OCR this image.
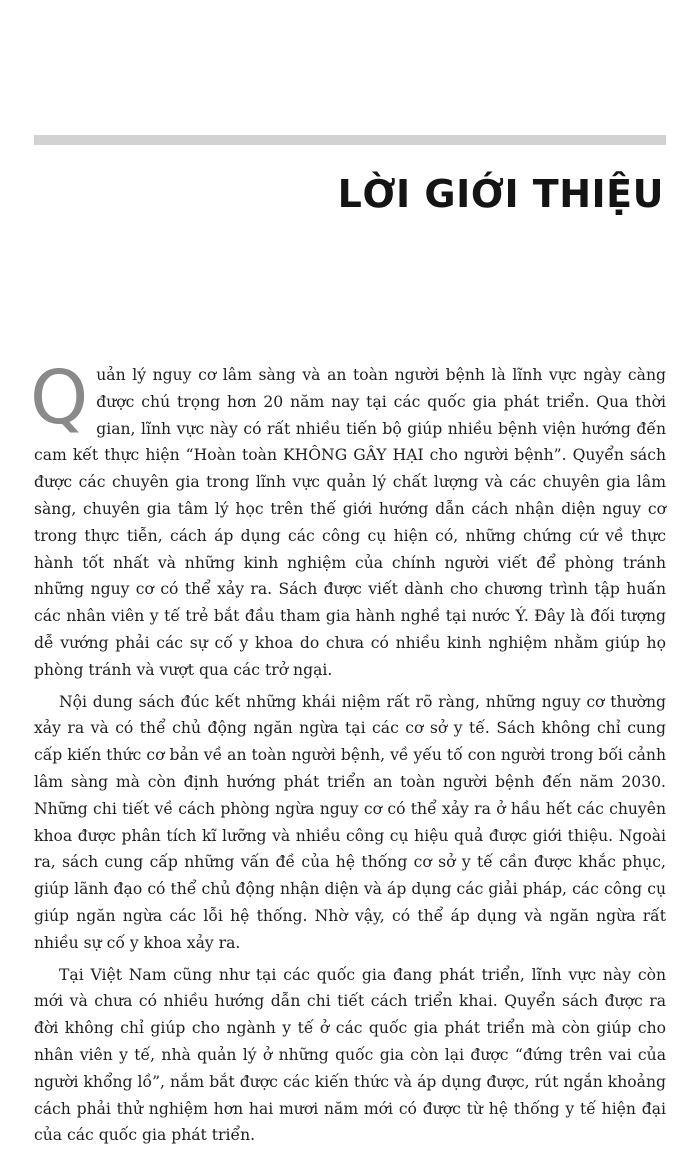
LỜI GIỚI THIỆU

Quản lý nguy cơ lâm sàng và an toàn người bệnh là lĩnh vực ngày càng được chú trọng hơn 20 năm nay tại các quốc gia phát triển. Qua thời gian, lĩnh vực này có rất nhiều tiến bộ giúp nhiều bệnh viện hướng đến cam kết thực hiện “Hoàn toàn KHÔNG GÂY HẠI cho người bệnh”. Quyển sách được các chuyên gia trong lĩnh vực quản lý chất lượng và các chuyên gia lâm sàng, chuyên gia tâm lý học trên thế giới hướng dẫn cách nhận diện nguy cơ trong thực tiễn, cách áp dụng các công cụ hiện có, những chứng cứ về thực hành tốt nhất và những kinh nghiệm của chính người viết để phòng tránh những nguy cơ có thể xảy ra. Sách được viết dành cho chương trình tập huấn các nhân viên y tế trẻ bắt đầu tham gia hành nghề tại nước Ý. Đây là đối tượng dễ vướng phải các sự cố y khoa do chưa có nhiều kinh nghiệm nhằm giúp họ phòng tránh và vượt qua các trở ngại.

Nội dung sách đúc kết những khái niệm rất rõ ràng, những nguy cơ thường xảy ra và có thể chủ động ngăn ngừa tại các cơ sở y tế. Sách không chỉ cung cấp kiến thức cơ bản về an toàn người bệnh, về yếu tố con người trong bối cảnh lâm sàng mà còn định hướng phát triển an toàn người bệnh đến năm 2030. Những chi tiết về cách phòng ngừa nguy cơ có thể xảy ra ở hầu hết các chuyên khoa được phân tích kĩ lưỡng và nhiều công cụ hiệu quả được giới thiệu. Ngoài ra, sách cung cấp những vấn đề của hệ thống cơ sở y tế cần được khắc phục, giúp lãnh đạo có thể chủ động nhận diện và áp dụng các giải pháp, các công cụ giúp ngăn ngừa các lỗi hệ thống. Nhờ vậy, có thể áp dụng và ngăn ngừa rất nhiều sự cố y khoa xảy ra.

Tại Việt Nam cũng như tại các quốc gia đang phát triển, lĩnh vực này còn mới và chưa có nhiều hướng dẫn chi tiết cách triển khai. Quyển sách được ra đời không chỉ giúp cho ngành y tế ở các quốc gia phát triển mà còn giúp cho nhân viên y tế, nhà quản lý ở những quốc gia còn lại được “đứng trên vai của người khổng lồ”, nắm bắt được các kiến thức và áp dụng được, rút ngắn khoảng cách phải thử nghiệm hơn hai mươi năm mới có được từ hệ thống y tế hiện đại của các quốc gia phát triển.
